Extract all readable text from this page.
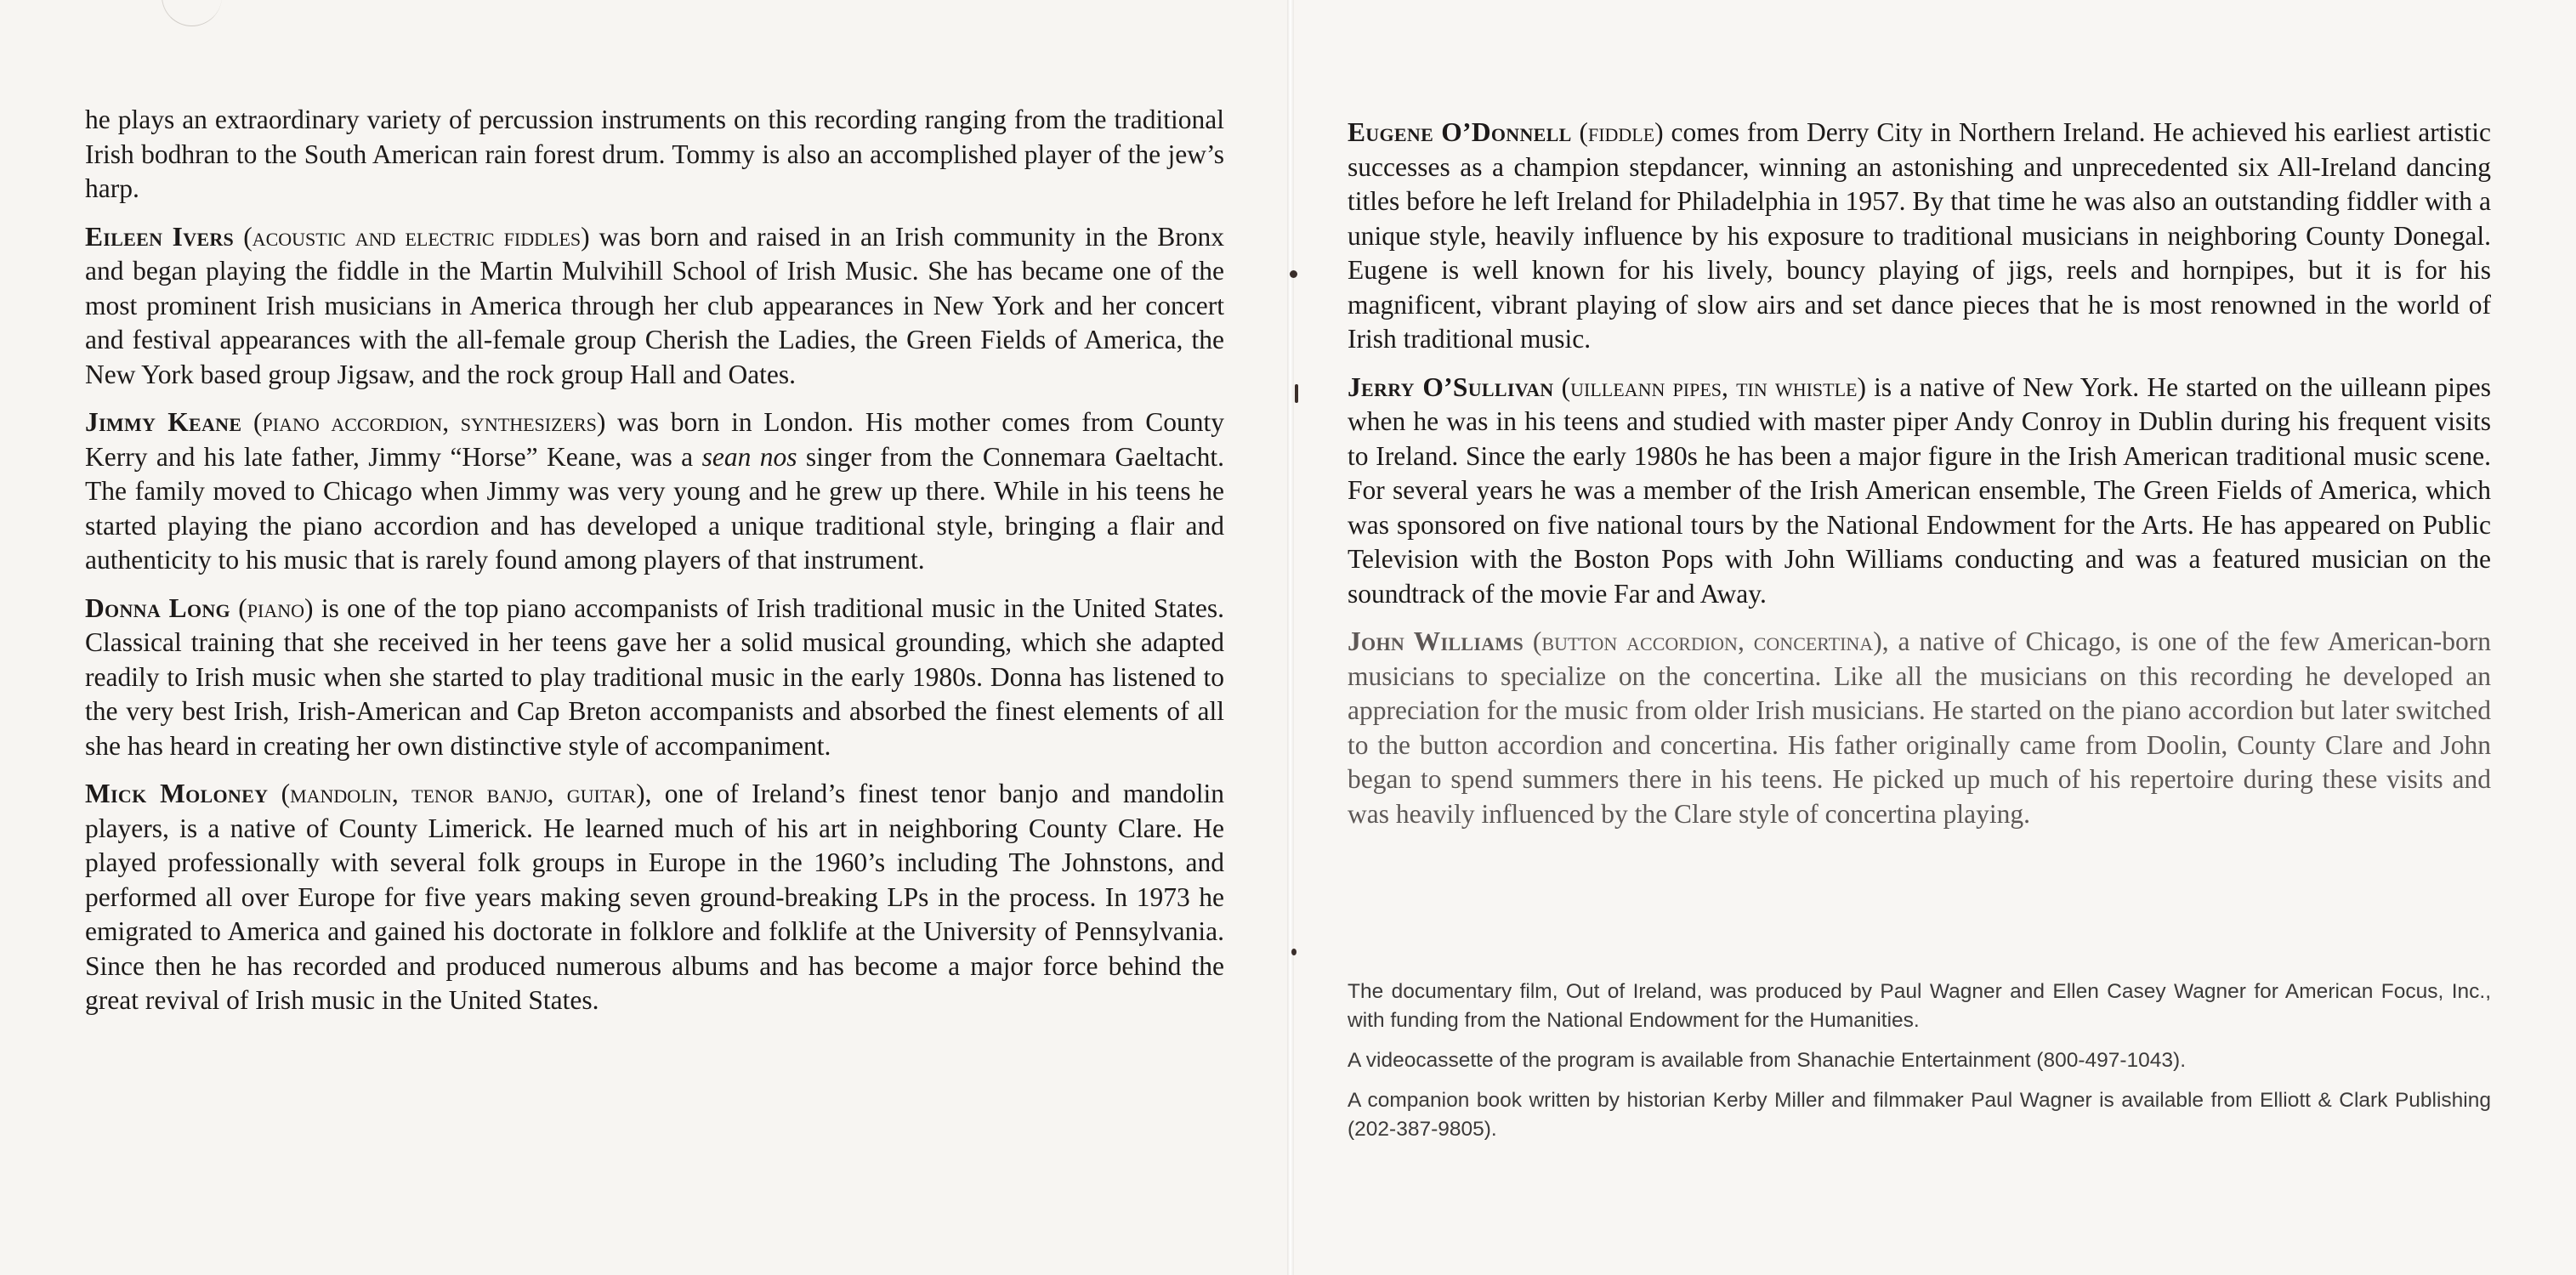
he plays an extraordinary variety of percussion instruments on this recording ranging from the traditional Irish bodhran to the South American rain forest drum. Tommy is also an accomplished player of the jew’s harp.

Eileen Ivers (acoustic and electric fiddles) was born and raised in an Irish community in the Bronx and began playing the fiddle in the Martin Mulvihill School of Irish Music. She has became one of the most prominent Irish musicians in America through her club appearances in New York and her concert and festival appearances with the all-female group Cherish the Ladies, the Green Fields of America, the New York based group Jigsaw, and the rock group Hall and Oates.

Jimmy Keane (piano accordion, synthesizers) was born in London. His mother comes from County Kerry and his late father, Jimmy “Horse” Keane, was a sean nos singer from the Connemara Gaeltacht. The family moved to Chicago when Jimmy was very young and he grew up there. While in his teens he started playing the piano accordion and has developed a unique traditional style, bringing a flair and authenticity to his music that is rarely found among players of that instrument.

Donna Long (piano) is one of the top piano accompanists of Irish traditional music in the United States. Classical training that she received in her teens gave her a solid musical grounding, which she adapted readily to Irish music when she started to play traditional music in the early 1980s. Donna has listened to the very best Irish, Irish-American and Cap Breton accompanists and absorbed the finest elements of all she has heard in creating her own distinctive style of accompaniment.

Mick Moloney (mandolin, tenor banjo, guitar), one of Ireland’s finest tenor banjo and mandolin players, is a native of County Limerick. He learned much of his art in neighboring County Clare. He played professionally with several folk groups in Europe in the 1960’s including The Johnstons, and performed all over Europe for five years making seven ground-breaking LPs in the process. In 1973 he emigrated to America and gained his doctorate in folklore and folklife at the University of Pennsylvania. Since then he has recorded and produced numerous albums and has become a major force behind the great revival of Irish music in the United States.

Eugene O’Donnell (fiddle) comes from Derry City in Northern Ireland. He achieved his earliest artistic successes as a champion stepdancer, winning an astonishing and unprecedented six All-Ireland dancing titles before he left Ireland for Philadelphia in 1957. By that time he was also an outstanding fiddler with a unique style, heavily influence by his exposure to traditional musicians in neighboring County Donegal. Eugene is well known for his lively, bouncy playing of jigs, reels and hornpipes, but it is for his magnificent, vibrant playing of slow airs and set dance pieces that he is most renowned in the world of Irish traditional music.

Jerry O’Sullivan (uilleann pipes, tin whistle) is a native of New York. He started on the uilleann pipes when he was in his teens and studied with master piper Andy Conroy in Dublin during his frequent visits to Ireland. Since the early 1980s he has been a major figure in the Irish American traditional music scene. For several years he was a member of the Irish American ensemble, The Green Fields of America, which was sponsored on five national tours by the National Endowment for the Arts. He has appeared on Public Television with the Boston Pops with John Williams conducting and was a featured musician on the soundtrack of the movie Far and Away.

John Williams (button accordion, concertina), a native of Chicago, is one of the few American-born musicians to specialize on the concertina. Like all the musicians on this recording he developed an appreciation for the music from older Irish musicians. He started on the piano accordion but later switched to the button accordion and concertina. His father originally came from Doolin, County Clare and John began to spend summers there in his teens. He picked up much of his repertoire during these visits and was heavily influenced by the Clare style of concertina playing.

The documentary film, Out of Ireland, was produced by Paul Wagner and Ellen Casey Wagner for American Focus, Inc., with funding from the National Endowment for the Humanities.

A videocassette of the program is available from Shanachie Entertainment (800-497-1043).

A companion book written by historian Kerby Miller and filmmaker Paul Wagner is available from Elliott & Clark Publishing (202-387-9805).
